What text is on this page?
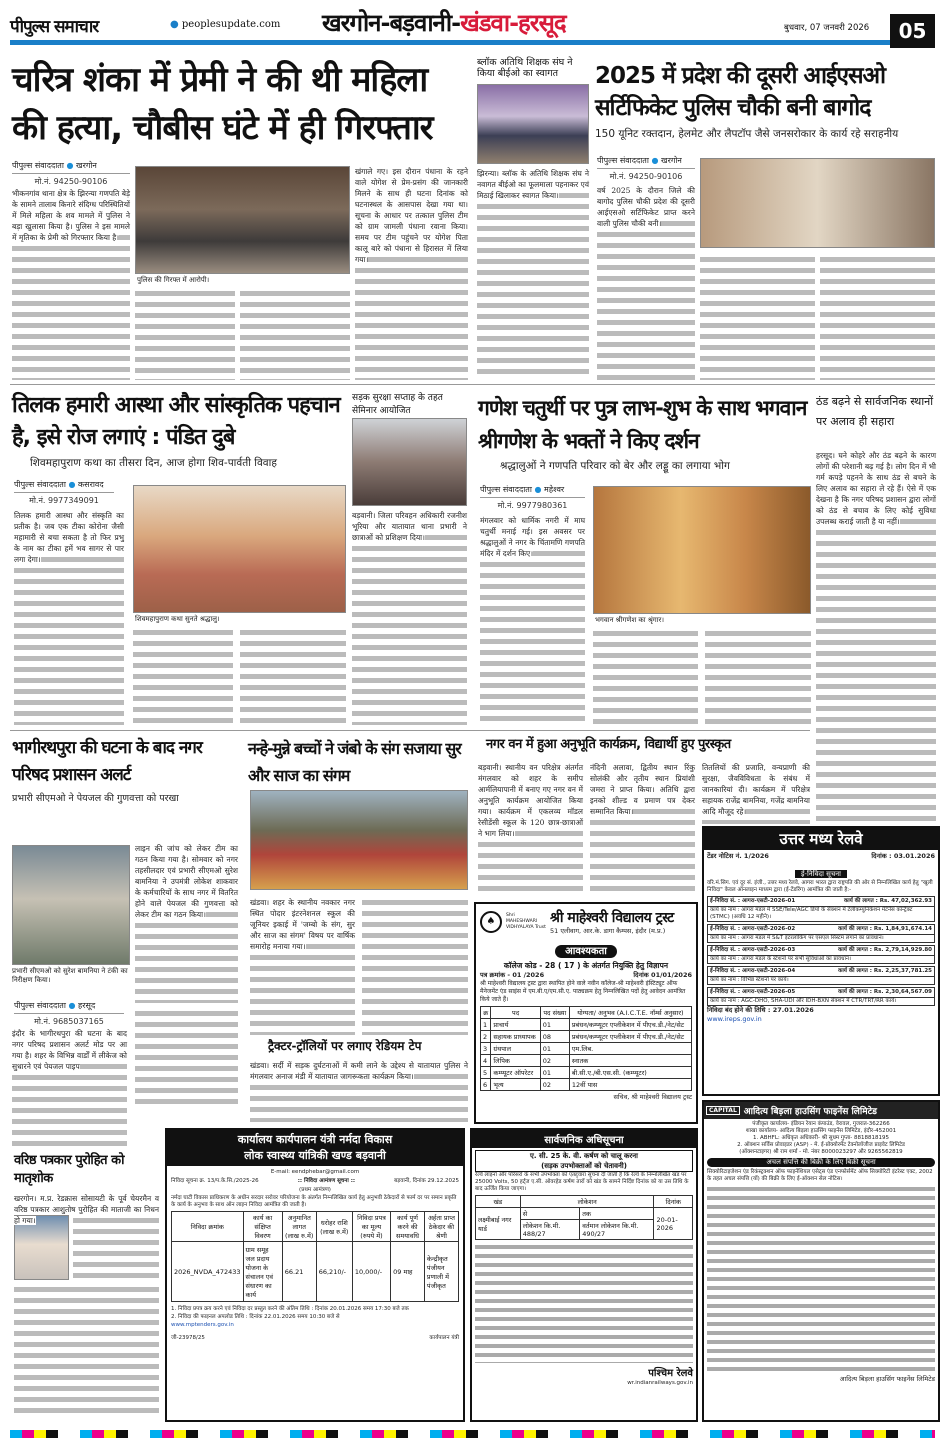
पीपुल्स समाचार	● peoplesupdate.com खरगोन-बड़वानी-खंडवा-हरसूद	बुधवार, 07 जनवरी 2026	05
चरित्र शंका में प्रेमी ने की थी महिला की हत्या, चौबीस घंटे में ही गिरफ्तार
पीपुल्स संवाददाता ● खरगोन
मो.नं. 94250-90106
भीकनगांव थाना क्षेत्र के झिरन्या गणपति बेड़े के सामने तालाब किनारे संदिग्ध परिस्थितियों में मिले महिला के शव मामले में पुलिस ने बड़ा खुलासा किया है। पुलिस ने इस मामले में मृतिका के प्रेमी को गिरफ्तार किया है।
पुलिस की गिरफ्त में आरोपी।
खंगाले गए। इस दौरान पंधाना के रहने वाले योगेश से प्रेम-प्रसंग की जानकारी मिलने के साथ ही घटना दिनांक को घटनास्थल के आसपास देखा गया था। सूचना के आधार पर तत्काल पुलिस टीम को ग्राम जामली पंधाना रवाना किया। समय पर टीम पहुंचने पर योगेश पिता कालू बारे को पंधाना से हिरासत में लिया गया।
ब्लॉक अतिथि शिक्षक संघ ने किया बीईओ का स्वागत
झिरन्या। ब्लॉक के अतिथि शिक्षक संघ ने नवागत बीईओ का फूलमाला पहनाकर एवं मिठाई खिलाकर स्वागत किया।
2025 में प्रदेश की दूसरी आईएसओ सर्टिफिकेट पुलिस चौकी बनी बागोद
150 यूनिट रक्तदान, हेलमेट और लैपटॉप जैसे जनसरोकार के कार्य रहे सराहनीय
पीपुल्स संवाददाता ● खरगोन
मो.नं. 94250-90106
वर्ष 2025 के दौरान जिले की बागोद पुलिस चौकी प्रदेश की दूसरी आईएसओ सर्टिफिकेट प्राप्त करने वाली पुलिस चौकी बनी।
तिलक हमारी आस्था और सांस्कृतिक पहचान है, इसे रोज लगाएं : पंडित दुबे
शिवमहापुराण कथा का तीसरा दिन, आज होगा शिव-पार्वती विवाह
पीपुल्स संवाददाता ● कसरावद
मो.नं. 9977349091
तिलक हमारी आस्था और संस्कृति का प्रतीक है। जब एक टीका कोरोना जैसी महामारी से बचा सकता है तो फिर प्रभु के नाम का टीका हमें भव सागर से पार लगा देगा।
शिवमहापुराण कथा सुनते श्रद्धालु।
सड़क सुरक्षा सप्ताह के तहत सेमिनार आयोजित
बड़वानी। जिला परिवहन अधिकारी रजनीश भूरिया और यातायात थाना प्रभारी ने छात्राओं को प्रशिक्षण दिया।
गणेश चतुर्थी पर पुत्र लाभ-शुभ के साथ भगवान श्रीगणेश के भक्तों ने किए दर्शन
श्रद्धालुओं ने गणपति परिवार को बेर और लड्डू का लगाया भोग
पीपुल्स संवाददाता ● महेश्वर
मो.नं. 9977980361
मंगलवार को धार्मिक नगरी में माघ चतुर्थी मनाई गई। इस अवसर पर श्रद्धालुओं ने नगर के चिंतामणि गणपति मंदिर में दर्शन किए।
भगवान श्रीगणेश का श्रृंगार।
ठंड बढ़ने से सार्वजनिक स्थानों पर अलाव ही सहारा
हरसूद। घने कोहरे और ठंड बढ़ने के कारण लोगों की परेशानी बढ़ गई है। लोग दिन में भी गर्म कपड़े पहनने के साथ ठंड से बचने के लिए अलाव का सहारा ले रहे हैं। ऐसे में एक देखना है कि नगर परिषद प्रशासन द्वारा लोगों को ठंड से बचाव के लिए कोई सुविधा उपलब्ध कराई जाती है या नहीं।
भागीरथपुरा की घटना के बाद नगर परिषद प्रशासन अलर्ट
प्रभारी सीएमओ ने पेयजल की गुणवत्ता को परखा
प्रभारी सीएमओ को सुरेश बामनिया ने टंकी का निरीक्षण किया।
लाइन की जांच को लेकर टीम का गठन किया गया है। सोमवार को नगर तहसीलदार एवं प्रभारी सीएमओ सुरेश बामनिया ने उपमंत्री लोकेश शाकवार के कर्मचारियों के साथ नगर में वितरित होने वाले पेयजल की गुणवत्ता को लेकर टीम का गठन किया।
पीपुल्स संवाददाता ● हरसूद
मो.नं. 9685037165
इंदौर के भागीरथपुरा की घटना के बाद नगर परिषद प्रशासन अलर्ट मोड पर आ गया है। शहर के विभिन्न वार्डों में लीकेज को सुधारने एवं पेयजल पाइप
नन्हे-मुन्ने बच्चों ने जंबो के संग सजाया सुर और साज का संगम
खंडवा। शहर के स्थानीय नवकार नगर स्थित पोदार इंटरनेशनल स्कूल की जूनियर इकाई में 'जम्बो के संग, सुर और साज का संगम' विषय पर वार्षिक समारोह मनाया गया।
ट्रैक्टर-ट्रॉलियों पर लगाए रेडियम टेप
खंडवा। सर्दी में सड़क दुर्घटनाओं में कमी लाने के उद्देश्य से यातायात पुलिस ने मंगलवार अनाज मंडी में यातायात जागरूकता कार्यक्रम किया।
नगर वन में हुआ अनुभूति कार्यक्रम, विद्यार्थी हुए पुरस्कृत
बड़वानी। स्थानीय वन परिक्षेत्र अंतर्गत मंगलवार को शहर के समीप आर्मलियापानी में बनाए गए नगर वन में अनुभूति कार्यक्रम आयोजित किया गया। कार्यक्रम में एकलव्य मॉडल रेसीडेंसी स्कूल के 120 छात्र-छात्राओं ने भाग लिया।
नंदिनी अलावा, द्वितीय स्थान रिंकु सोलंकी और तृतीय स्थान प्रियांशी जमरा ने प्राप्त किया। अतिथि द्वारा इनको शील्ड व प्रमाण पत्र देकर सम्मानित किया।
तितलियों की प्रजाति, वन्यप्राणी की सुरक्षा, जैवविविधता के संबंध में जानकारियां दी। कार्यक्रम में परिक्षेत्र सहायक राजेंद्र बामनिया, गजेंद्र बामनिया आदि मौजूद रहे।
वरिष्ठ पत्रकार पुरोहित को मातृशोक
खरगोन। म.प्र. रेडक्रास सोसायटी के पूर्व चेयरमैन व वरिष्ठ पत्रकार आशुतोष पुरोहित की माताजी का निधन हो गया।
♠
Shri MAHESHWARI VIDHYALAYA Trust
श्री माहेश्वरी विद्यालय ट्रस्ट
51 एलीवाग, आर.के. डागा कैम्पस, इंदौर (म.प्र.)
आवश्यकता
कॉलेज कोड - 28 ( 17 ) के अंतर्गत नियुक्ति हेतु विज्ञापन
पत्र क्रमांक - 01 /2026	दिनांक 01/01/2026
श्री माहेश्वरी विद्यालय ट्रस्ट द्वारा स्थापित होने वाले नवीन कॉलेज-श्री माहेश्वरी इंस्टिट्यूट ऑफ मैनेजमेंट एंड साइंस में एम.बी.ए/एम.सी.ए. पाठ्यक्रम हेतु निम्नलिखित पदों हेतु आवेदन आमंत्रित किये जाते हैं।
क्र	पद	पद संख्या	योग्यता/ अनुभव (A.I.C.T.E. नॉर्म्स अनुसार)
1	प्राचार्य	01	प्रबंधन/कम्प्यूटर एप्लीकेशन में पीएच.डी./नेट/सेट
2	सहायक प्राध्यापक	08	प्रबंधन/कम्प्यूटर एप्लीकेशन में पीएच.डी./नेट/सेट
3	ग्रंथपाल	01	एम.लिब.
4	लिपिक	02	स्नातक
5	कम्प्यूटर ऑपरेटर	01	बी.सी.ए./बी.एस.सी. (कम्प्यूटर)
6	भृत्य	02	12वीं पास
सचिव, श्री माहेश्वरी विद्यालय ट्रस्ट
उत्तर मध्य रेलवे
टेंडर नोटिस नं. 1/2026	दिनांक : 03.01.2026
ई-निविदा सूचना
वरि.मं.सिग. एवं दूर सं. इंजी., उत्तर मध्य रेलवे, आगरा भारत द्वारा राष्ट्रपति की ओर से निम्नलिखित कार्य हेतु "खुली निविदा" केवल ऑनलाइन माध्यम द्वारा (ई-टेंडरिंग) आमंत्रित की जाती है:-
ई-निविदा सं. : आगरा-एसटी-2026-01	कार्य की लागत : Rs. 47,02,362.93
कार्य का नाम : आगरा मंडल में SSE/Tele/AGC डिपो के सेक्शन में टेलीकम्युनिकेशन मेंटेनेंस कॉन्ट्रैक्ट (STMC) (अवधि 12 महीने)।
ई-निविदा सं. : आगरा-एसटी-2026-02	कार्य की लागत : Rs. 1,84,91,674.14
कार्य का नाम : आगरा मंडल में S&T इंटरलॉकिंग पर एसएल सिस्टम लगाने का प्रावधान।
ई-निविदा सं. : आगरा-एसटी-2026-03	कार्य की लागत : Rs. 2,79,14,929.80
कार्य का नाम : आगरा मंडल के स्टेशनों पर सभी सुविधाओं का प्रावधान।
ई-निविदा सं. : आगरा-एसटी-2026-04	कार्य की लागत : Rs. 2,25,37,781.25
कार्य का नाम : विभिन्न स्टेशनों पर कार्य।
ई-निविदा सं. : आगरा-एसटी-2026-05	कार्य की लागत : Rs. 2,30,64,567.09
कार्य का नाम : AGC-DHO, SHA-UDI और IDH-BXN सेक्शन में CTR/TRT/RR कार्य।
निविदा बंद होने की तिथि : 27.01.2026
www.ireps.gov.in
CAPITAL आदित्य बिड़ला हाउसिंग फाइनेंस लिमिटेड
पंजीकृत कार्यालय- इंडियन रेयान कंपाउंड, वेरावल, गुजरात-362266
शाखा कार्यालय- आदित्य बिड़ला हाउसिंग फाइनेंस लिमिटेड, इंदौर-452001
1. ABHFL: अधिकृत अधिकारी- श्री सुधम गुप्ता- 8818818195
2. ऑक्शन सर्विस प्रोवाइडर (ASP) - मे. ई-प्रोक्योरमेंट टेक्नोलॉजीज प्राइवेट लिमिटेड
(ऑक्शनटाइगर) श्री राम शर्मा - मो. नंबर 8000023297 और 9265562819
अचल संपत्ति की बिक्री के लिए बिक्री सूचना
सिक्योरिटाइजेशन एंड रिकंस्ट्रक्शन ऑफ फाइनेंशियल एसेट्स एंड एनफोर्समेंट ऑफ सिक्योरिटी इंटरेस्ट एक्ट, 2002 के तहत अचल संपत्ति (यों) की बिक्री के लिए ई-ऑक्शन सेल नोटिस।
आदित्य बिड़ला हाउसिंग फाइनेंस लिमिटेड
कार्यालय कार्यपालन यंत्री नर्मदा विकास
लोक स्वास्थ्य यांत्रिकी खण्ड बड़वानी
E-mail: eendphebar@gmail.com
निविदा सूचना क्र. 13/प.के.सि./2025-26	:: निविदा आमंत्रण सूचना ::	बड़वानी, दिनांक 29.12.2025
(प्रथम आमंत्रण)
नर्मदा घाटी विकास प्राधिकरण के अधीन सरदार सरोवर परियोजना के अंतर्गत निम्नलिखित कार्य हेतु अनुभवी ठेकेदारों से फार्म दर पर समान प्रकृति के कार्य के अनुभव के साथ ऑन लाइन निविदा आमंत्रित की जाती है।
निविदा क्रमांक	कार्य का संक्षिप्त विवरण	अनुमानित लागत (लाख रु.में)	धरोहर राशि (लाख रु.में)	निविदा प्रपत्र का मूल्य (रुपये में)	कार्य पूर्ण करने की समयावधि	अर्हता प्राप्त ठेकेदार की श्रेणी
2026_NVDA_472433	ग्राम समूह जल प्रदाय योजना के संचालन एवं संधारण का कार्य	66.21	66,210/-	10,000/-	09 माह	केन्द्रीकृत पंजीयन प्रणाली में पंजीकृत
1. निविदा प्रपत्र क्रय करने एवं निविदा दर प्रस्तुत करने की अंतिम तिथि : दिनांक 20.01.2026 समय 17:30 बजे तक
2. निविदा की फाइनल अपलोड तिथि : दिनांक 22.01.2026 समय 10:30 बजे से
www.mptenders.gov.in
जी-23978/25	कार्यपालन यंत्री
सार्वजनिक अधिसूचना
ए. सी. 25 के. वी. कर्षण को चालू करना
(सड़क उपभोक्ताओं को चेतावनी)
रेल्वे लाइनों और परिसरों के सभी उपभोक्ता को एतद्द्वारा सूचना दी जाती है कि रेल्वे के निम्नलिखित खंड पर 25000 Volts, 50 हर्ट्ज ए.सी. ओवरहेड कर्षण तारों को खंड के सामने निर्दिष्ट दिनांक को या उस तिथि के बाद ऊर्जित किया जाएगा।
खंड	लोकेशन		दिनांक
लक्ष्मीबाई नगर यार्ड	से	तक	20-01-2026
	लोकेशन कि.मी. 488/27	वर्तमान लोकेशन कि.मी. 490/27	
पश्चिम रेलवे
wr.indianrailways.gov.in
